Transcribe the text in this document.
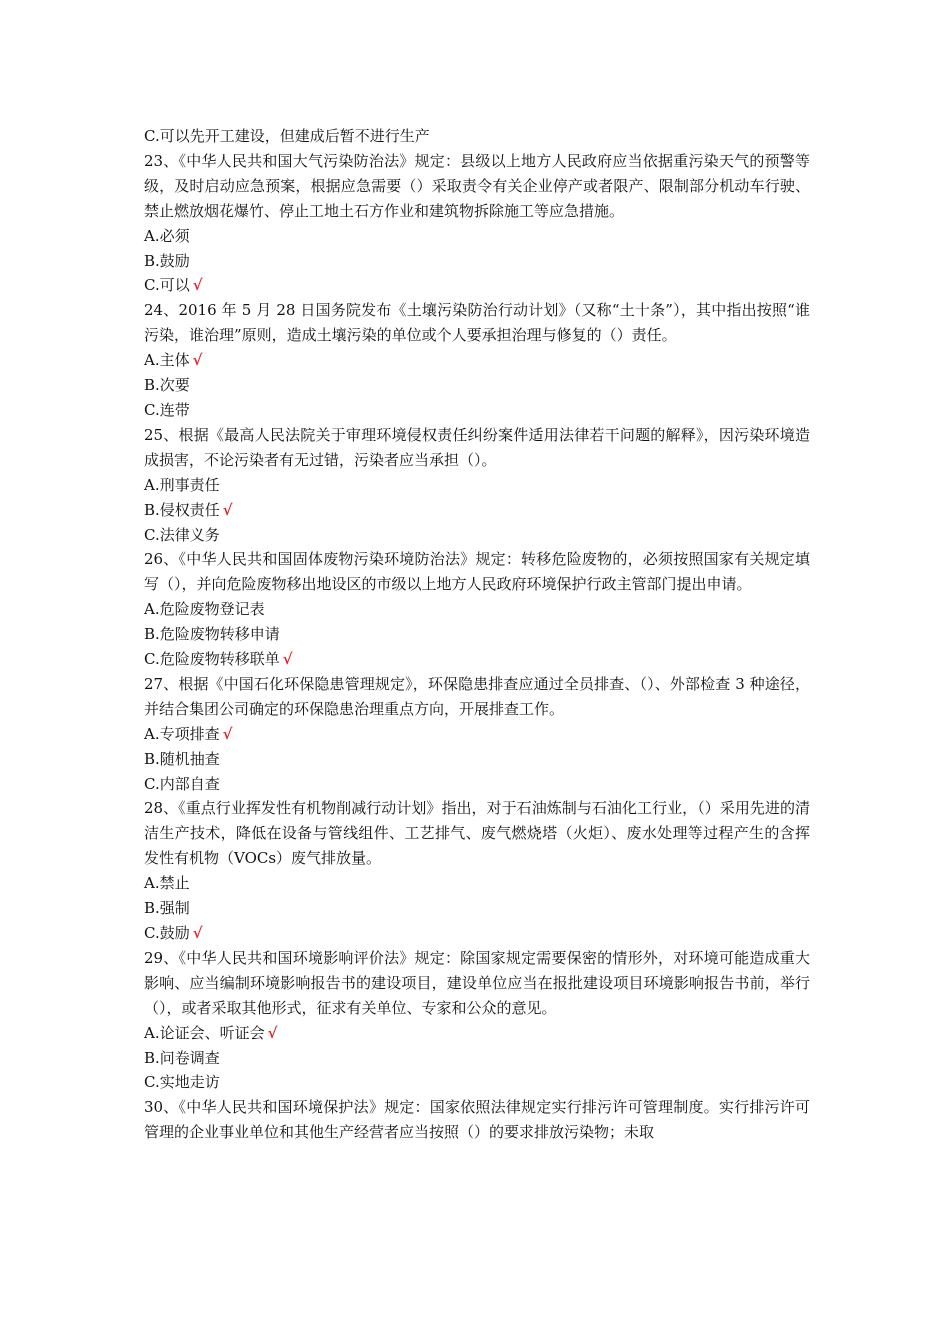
C.可以先开工建设，但建成后暂不进行生产
23、《中华人民共和国大气污染防治法》规定：县级以上地方人民政府应当依据重污染天气的预警等级，及时启动应急预案，根据应急需要（）采取责令有关企业停产或者限产、限制部分机动车行驶、禁止燃放烟花爆竹、停止工地土石方作业和建筑物拆除施工等应急措施。
A.必须
B.鼓励
C.可以 √
24、2016 年 5 月 28 日国务院发布《土壤污染防治行动计划》（又称“土十条”），其中指出按照“谁污染，谁治理”原则，造成土壤污染的单位或个人要承担治理与修复的（）责任。
A.主体 √
B.次要
C.连带
25、根据《最高人民法院关于审理环境侵权责任纠纷案件适用法律若干问题的解释》，因污染环境造成损害，不论污染者有无过错，污染者应当承担（）。
A.刑事责任
B.侵权责任 √
C.法律义务
26、《中华人民共和国固体废物污染环境防治法》规定：转移危险废物的，必须按照国家有关规定填写（），并向危险废物移出地设区的市级以上地方人民政府环境保护行政主管部门提出申请。
A.危险废物登记表
B.危险废物转移申请
C.危险废物转移联单 √
27、根据《中国石化环保隐患管理规定》，环保隐患排查应通过全员排查、（）、外部检查 3 种途径，并结合集团公司确定的环保隐患治理重点方向，开展排查工作。
A.专项排查 √
B.随机抽查
C.内部自查
28、《重点行业挥发性有机物削减行动计划》指出，对于石油炼制与石油化工行业，（）采用先进的清洁生产技术，降低在设备与管线组件、工艺排气、废气燃烧塔（火炬）、废水处理等过程产生的含挥发性有机物（VOCs）废气排放量。
A.禁止
B.强制
C.鼓励 √
29、《中华人民共和国环境影响评价法》规定：除国家规定需要保密的情形外，对环境可能造成重大影响、应当编制环境影响报告书的建设项目，建设单位应当在报批建设项目环境影响报告书前，举行（），或者采取其他形式，征求有关单位、专家和公众的意见。
A.论证会、听证会 √
B.问卷调查
C.实地走访
30、《中华人民共和国环境保护法》规定：国家依照法律规定实行排污许可管理制度。实行排污许可管理的企业事业单位和其他生产经营者应当按照（）的要求排放污染物；未取
